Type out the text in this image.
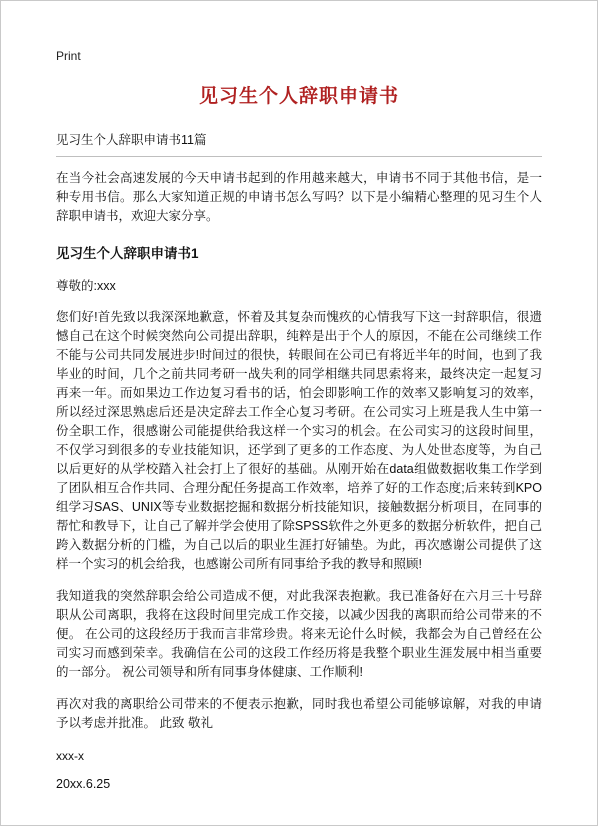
Print
见习生个人辞职申请书
见习生个人辞职申请书11篇

在当今社会高速发展的今天申请书起到的作用越来越大，申请书不同于其他书信，是一种专用书信。那么大家知道正规的申请书怎么写吗？以下是小编精心整理的见习生个人辞职申请书，欢迎大家分享。

见习生个人辞职申请书1
尊敬的:xxx

您们好!首先致以我深深地歉意，怀着及其复杂而愧疚的心情我写下这一封辞职信，很遗憾自己在这个时候突然向公司提出辞职，纯粹是出于个人的原因，不能在公司继续工作不能与公司共同发展进步!时间过的很快，转眼间在公司已有将近半年的时间，也到了我毕业的时间，几个之前共同考研一战失利的同学相继共同思索将来，最终决定一起复习再来一年。而如果边工作边复习看书的话，怕会即影响工作的效率又影响复习的效率，所以经过深思熟虑后还是决定辞去工作全心复习考研。在公司实习上班是我人生中第一份全职工作，很感谢公司能提供给我这样一个实习的机会。在公司实习的这段时间里，不仅学习到很多的专业技能知识，还学到了更多的工作态度、为人处世态度等，为自己以后更好的从学校踏入社会打上了很好的基础。从刚开始在data组做数据收集工作学到了团队相互合作共同、合理分配任务提高工作效率，培养了好的工作态度;后来转到KPO组学习SAS、UNIX等专业数据挖掘和数据分析技能知识，接触数据分析项目，在同事的帮忙和教导下，让自己了解并学会使用了除SPSS软件之外更多的数据分析软件，把自己跨入数据分析的门槛，为自己以后的职业生涯打好铺垫。为此，再次感谢公司提供了这样一个实习的机会给我，也感谢公司所有同事给予我的教导和照顾!

我知道我的突然辞职会给公司造成不便，对此我深表抱歉。我已准备好在六月三十号辞职从公司离职，我将在这段时间里完成工作交接，以减少因我的离职而给公司带来的不便。 在公司的这段经历于我而言非常珍贵。将来无论什么时候，我都会为自己曾经在公司实习而感到荣幸。我确信在公司的这段工作经历将是我整个职业生涯发展中相当重要的一部分。 祝公司领导和所有同事身体健康、工作顺利!

再次对我的离职给公司带来的不便表示抱歉，同时我也希望公司能够谅解，对我的申请予以考虑并批准。 此致 敬礼

xxx-x
20xx.6.25
